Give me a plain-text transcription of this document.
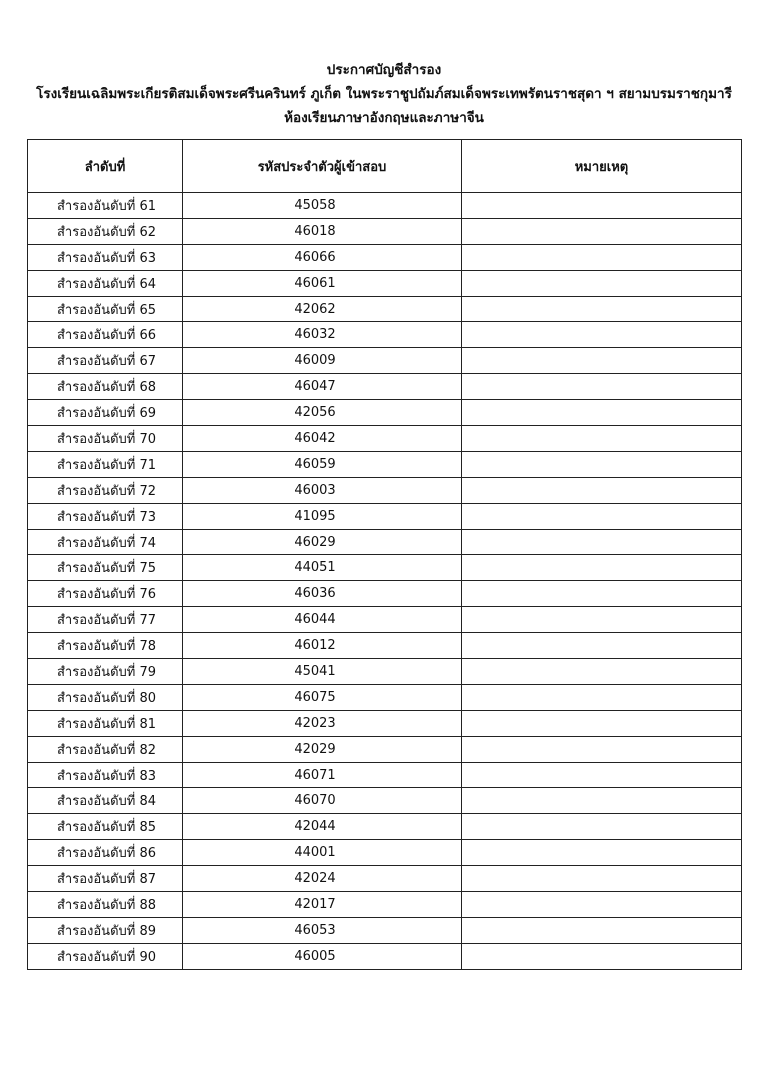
ประกาศบัญชีสำรอง
โรงเรียนเฉลิมพระเกียรติสมเด็จพระศรีนครินทร์ ภูเก็ต ในพระราชูปถัมภ์สมเด็จพระเทพรัตนราชสุดา ฯ สยามบรมราชกุมารี
ห้องเรียนภาษาอังกฤษและภาษาจีน
ลำดับที่	รหัสประจำตัวผู้เข้าสอบ	หมายเหตุ
สำรองอันดับที่ 61	45058	
สำรองอันดับที่ 62	46018	
สำรองอันดับที่ 63	46066	
สำรองอันดับที่ 64	46061	
สำรองอันดับที่ 65	42062	
สำรองอันดับที่ 66	46032	
สำรองอันดับที่ 67	46009	
สำรองอันดับที่ 68	46047	
สำรองอันดับที่ 69	42056	
สำรองอันดับที่ 70	46042	
สำรองอันดับที่ 71	46059	
สำรองอันดับที่ 72	46003	
สำรองอันดับที่ 73	41095	
สำรองอันดับที่ 74	46029	
สำรองอันดับที่ 75	44051	
สำรองอันดับที่ 76	46036	
สำรองอันดับที่ 77	46044	
สำรองอันดับที่ 78	46012	
สำรองอันดับที่ 79	45041	
สำรองอันดับที่ 80	46075	
สำรองอันดับที่ 81	42023	
สำรองอันดับที่ 82	42029	
สำรองอันดับที่ 83	46071	
สำรองอันดับที่ 84	46070	
สำรองอันดับที่ 85	42044	
สำรองอันดับที่ 86	44001	
สำรองอันดับที่ 87	42024	
สำรองอันดับที่ 88	42017	
สำรองอันดับที่ 89	46053	
สำรองอันดับที่ 90	46005	
